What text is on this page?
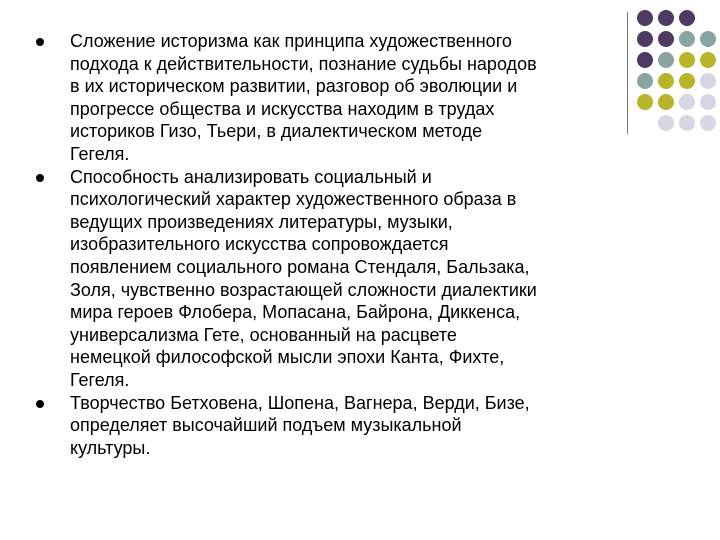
Сложение историзма как принципа художественного
подхода к действительности, познание судьбы народов
в их историческом развитии, разговор об эволюции и
прогрессе общества и искусства находим в трудах
историков Гизо, Тьери, в диалектическом методе
Гегеля.
Способность анализировать социальный и
психологический характер художественного образа в
ведущих произведениях литературы, музыки,
изобразительного искусства сопровождается
появлением социального романа Стендаля, Бальзака,
Золя, чувственно возрастающей сложности диалектики
мира героев Флобера, Мопасана, Байрона, Диккенса,
универсализма Гете, основанный на расцвете
немецкой философской мысли эпохи Канта, Фихте,
Гегеля.
Творчество Бетховена, Шопена, Вагнера, Верди, Бизе,
определяет высочайший подъем музыкальной
культуры.
